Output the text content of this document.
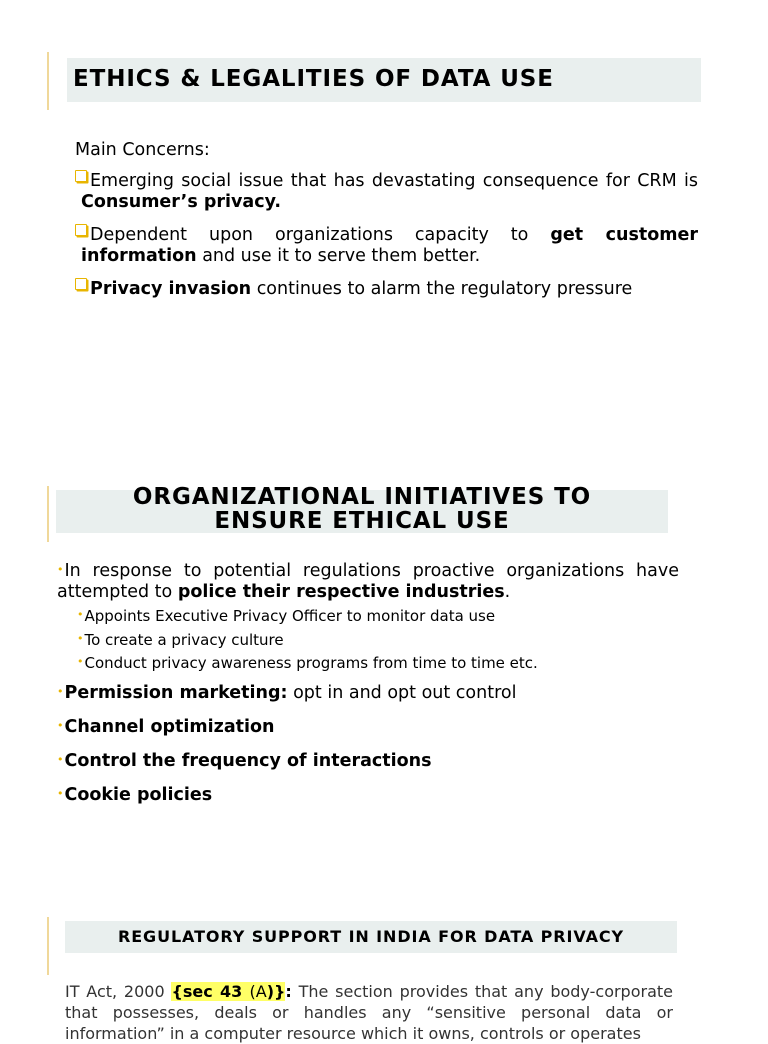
ETHICS & LEGALITIES OF DATA USE
Main Concerns:
Emerging social issue that has devastating consequence for CRM is Consumer’s privacy.
Dependent upon organizations capacity to get customer information and use it to serve them better.
Privacy invasion continues to alarm the regulatory pressure
ORGANIZATIONAL INITIATIVES TO
ENSURE ETHICAL USE
•In response to potential regulations proactive organizations have attempted to police their respective industries.
•Appoints Executive Privacy Officer to monitor data use
•To create a privacy culture
•Conduct privacy awareness programs from time to time etc.
•Permission marketing: opt in and opt out control
•Channel optimization
•Control the frequency of interactions
•Cookie policies
REGULATORY SUPPORT IN INDIA FOR DATA PRIVACY
IT Act, 2000 {sec 43 (A)}: The section provides that any body-corporate that possesses, deals or handles any “sensitive personal data or information” in a computer resource which it owns, controls or operates
